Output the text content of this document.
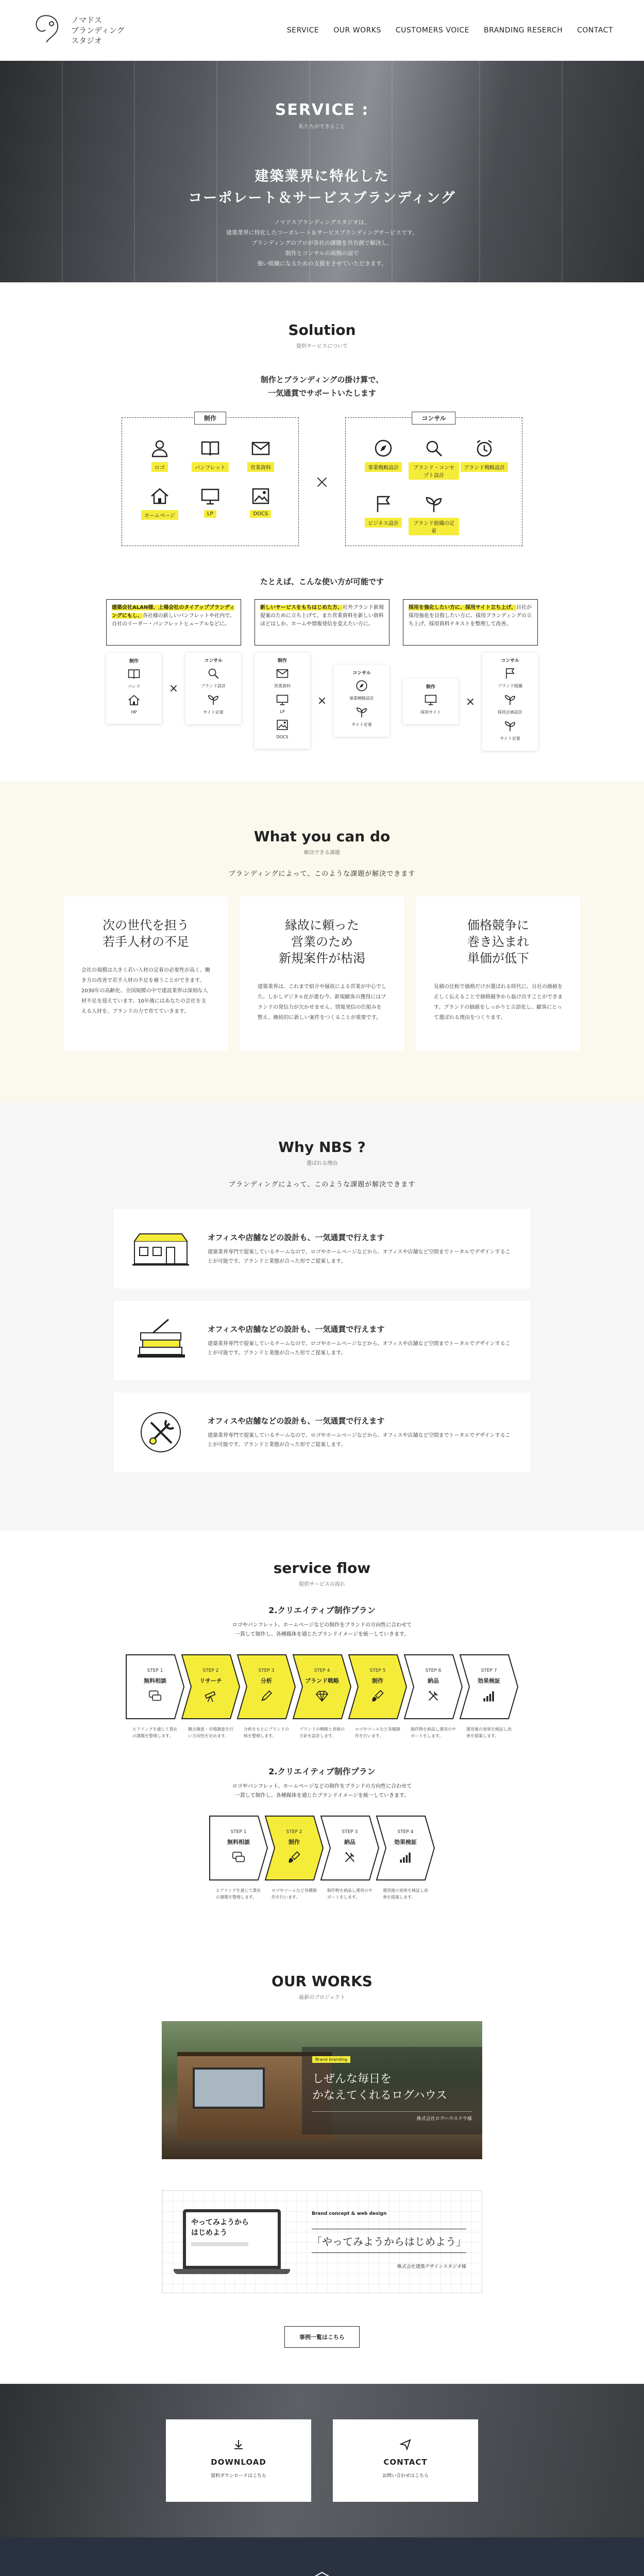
ノマドス
ブランディング
スタジオ
SERVICE OUR WORKS CUSTOMERS VOICE BRANDING RESERCH CONTACT
SERVICE :
私たちができること
建築業界に特化した
コーポレート＆サービスブランディング

ノマドスブランディングスタジオは、
建築業界に特化したコーポレート＆サービスブランディングサービスです。
ブランディングのプロが各社の課題を共有創で解決し、
制作とコンサルの両側の面で
強い組織になるための支援をさせていただきます。

Solution
提供サービスについて
制作とブランディングの掛け算で、
一気通貫でサポートいたします
制作
ロゴ	パンフレット	営業資料
ホームページ	LP	DOCS
×
コンサル
事業戦略設計	ブランド・コンセプト設計
ブランド戦略設計
ビジネス設計	ブランド組織の定着
たとえば、こんな使い方が可能です
建築会社ALAN様、上場会社のタイアップブランディングにもし、各社様の新しいパンフレットや社内で、自社のリーダー・パンフレットヒューアルなどに。
制作
パンフ
HP
×
コンサル
ブランド設計
サイト定着
新しいサービスをもちはじめた方、社外ブランド新規提案のために立ち上げて、また営業資料を新しい資料ほどはしか、ホームや情報発信を変えたい方に。
制作
営業資料
LP
DOCS
×
コンサル
事業戦略設計
サイト定着
採用を強化したい方に、採用サイト立ち上げ、自社が採用強化を目指したい方に、採用ブランディングの立ち上げ、採用資料テキストを整理して改善。
制作
採用サイト
×
コンサル
ブランド組織
採用企画設計
サイト定着
What you can do
解決できる課題
ブランディングによって、このような課題が解決できます
次の世代を担う
若手人材の不足

会社の規模は大きく若い人材の定着の必要性が高く、働き方の改善で若手人材の不足を補うことができます。2030年の高齢化、全国規模の中で建設業界は深刻な人材不足を迎えています。10年後にはあなたの会社を支える人材を、ブランドの力で育てていきます。

縁故に頼った
営業のため
新規案件が枯渇

建築業界は、これまで紹介や縁故による営業が中心でした。しかしデジタル化が進む今、新規顧客の獲得にはブランドの発信力が欠かせません。情報発信の仕組みを整え、継続的に新しい案件をつくることが重要です。

価格競争に
巻き込まれ
単価が低下

見積の比較で価格だけが選ばれる時代に、自社の価値を正しく伝えることで価格競争から抜け出すことができます。ブランドの価値をしっかりと言語化し、顧客にとって選ばれる理由をつくります。

Why NBS ?
選ばれる理由
ブランディングによって、このような課題が解決できます
オフィスや店舗などの設計も、一気通貫で行えます

建築業界専門で提案しているチームなので、ロゴやホームページなどから、オフィスや店舗など空間までトータルでデザインすることが可能です。ブランドと業態が合った形でご提案します。

オフィスや店舗などの設計も、一気通貫で行えます

建築業界専門で提案しているチームなので、ロゴやホームページなどから、オフィスや店舗など空間までトータルでデザインすることが可能です。ブランドと業態が合った形でご提案します。

オフィスや店舗などの設計も、一気通貫で行えます

建築業界専門で提案しているチームなので、ロゴやホームページなどから、オフィスや店舗など空間までトータルでデザインすることが可能です。ブランドと業態が合った形でご提案します。

service flow
提供サービスの流れ
2.クリエイティブ制作プラン
ロゴやパンフレット、ホームページなどの制作をブランドの方向性に合わせて
一貫して制作し、各種媒体を通じたブランドイメージを統一していきます。
STEP 1
無料相談
ヒアリングを通じて貴社の課題を整理します。
STEP 2
リサーチ
競合調査・市場調査を行い方向性を定めます。
STEP 3
分析
分析をもとにブランドの核を整理します。
STEP 4
ブランド戦略
ブランドの戦略と表現の方針を設計します。
STEP 5
制作
ロゴやツールなど各種制作を行います。
STEP 6
納品
制作物を納品し運用のサポートをします。
STEP 7
効果検証
運用後の効果を検証し改善を提案します。
2.クリエイティブ制作プラン
ロゴやパンフレット、ホームページなどの制作をブランドの方向性に合わせて
一貫して制作し、各種媒体を通じたブランドイメージを統一していきます。
STEP 1
無料相談
ヒアリングを通じて貴社の課題を整理します。
STEP 2
制作
ロゴやツールなど各種制作を行います。
STEP 3
納品
制作物を納品し運用のサポートをします。
STEP 4
効果検証
運用後の効果を検証し改善を提案します。
OUR WORKS
最新のプロジェクト
Brand branding
しぜんな毎日を
かなえてくれるログハウス
株式会社ログハウスドウ様
やってみようから
はじめよう
Brand concept & web design
「やってみようからはじめよう」
株式会社建築デザインスタジオ様
事例一覧はこちら
DOWNLOAD
資料ダウンロードはこちら
CONTACT
お問い合わせはこちら
